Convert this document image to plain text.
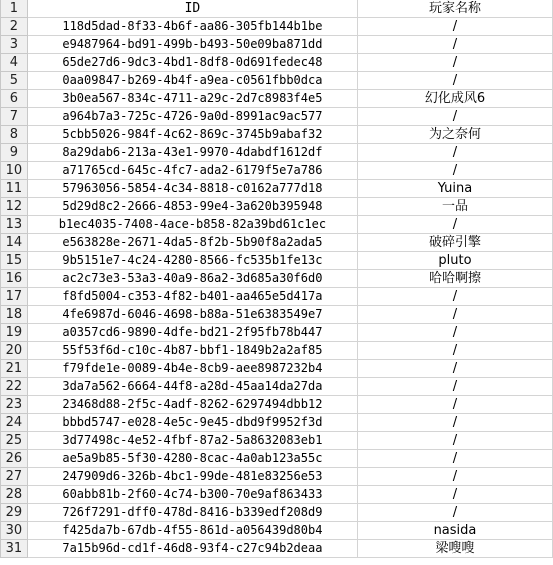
1	ID	玩家名称
2	118d5dad-8f33-4b6f-aa86-305fb144b1be	/
3	e9487964-bd91-499b-b493-50e09ba871dd	/
4	65de27d6-9dc3-4bd1-8df8-0d691fedec48	/
5	0aa09847-b269-4b4f-a9ea-c0561fbb0dca	/
6	3b0ea567-834c-4711-a29c-2d7c8983f4e5	幻化成风6
7	a964b7a3-725c-4726-9a0d-8991ac9ac577	/
8	5cbb5026-984f-4c62-869c-3745b9abaf32	为之奈何
9	8a29dab6-213a-43e1-9970-4dabdf1612df	/
10	a71765cd-645c-4fc7-ada2-6179f5e7a786	/
11	57963056-5854-4c34-8818-c0162a777d18	Yuina
12	5d29d8c2-2666-4853-99e4-3a620b395948	一品
13	b1ec4035-7408-4ace-b858-82a39bd61c1ec	/
14	e563828e-2671-4da5-8f2b-5b90f8a2ada5	破碎引擎
15	9b5151e7-4c24-4280-8566-fc535b1fe13c	pluto
16	ac2c73e3-53a3-40a9-86a2-3d685a30f6d0	哈哈啊擦
17	f8fd5004-c353-4f82-b401-aa465e5d417a	/
18	4fe6987d-6046-4698-b88a-51e6383549e7	/
19	a0357cd6-9890-4dfe-bd21-2f95fb78b447	/
20	55f53f6d-c10c-4b87-bbf1-1849b2a2af85	/
21	f79fde1e-0089-4b4e-8cb9-aee8987232b4	/
22	3da7a562-6664-44f8-a28d-45aa14da27da	/
23	23468d88-2f5c-4adf-8262-6297494dbb12	/
24	bbbd5747-e028-4e5c-9e45-dbd9f9952f3d	/
25	3d77498c-4e52-4fbf-87a2-5a8632083eb1	/
26	ae5a9b85-5f30-4280-8cac-4a0ab123a55c	/
27	247909d6-326b-4bc1-99de-481e83256e53	/
28	60abb81b-2f60-4c74-b300-70e9af863433	/
29	726f7291-dff0-478d-8416-b339edf208d9	/
30	f425da7b-67db-4f55-861d-a056439d80b4	nasida
31	7a15b96d-cd1f-46d8-93f4-c27c94b2deaa	梁嗖嗖
